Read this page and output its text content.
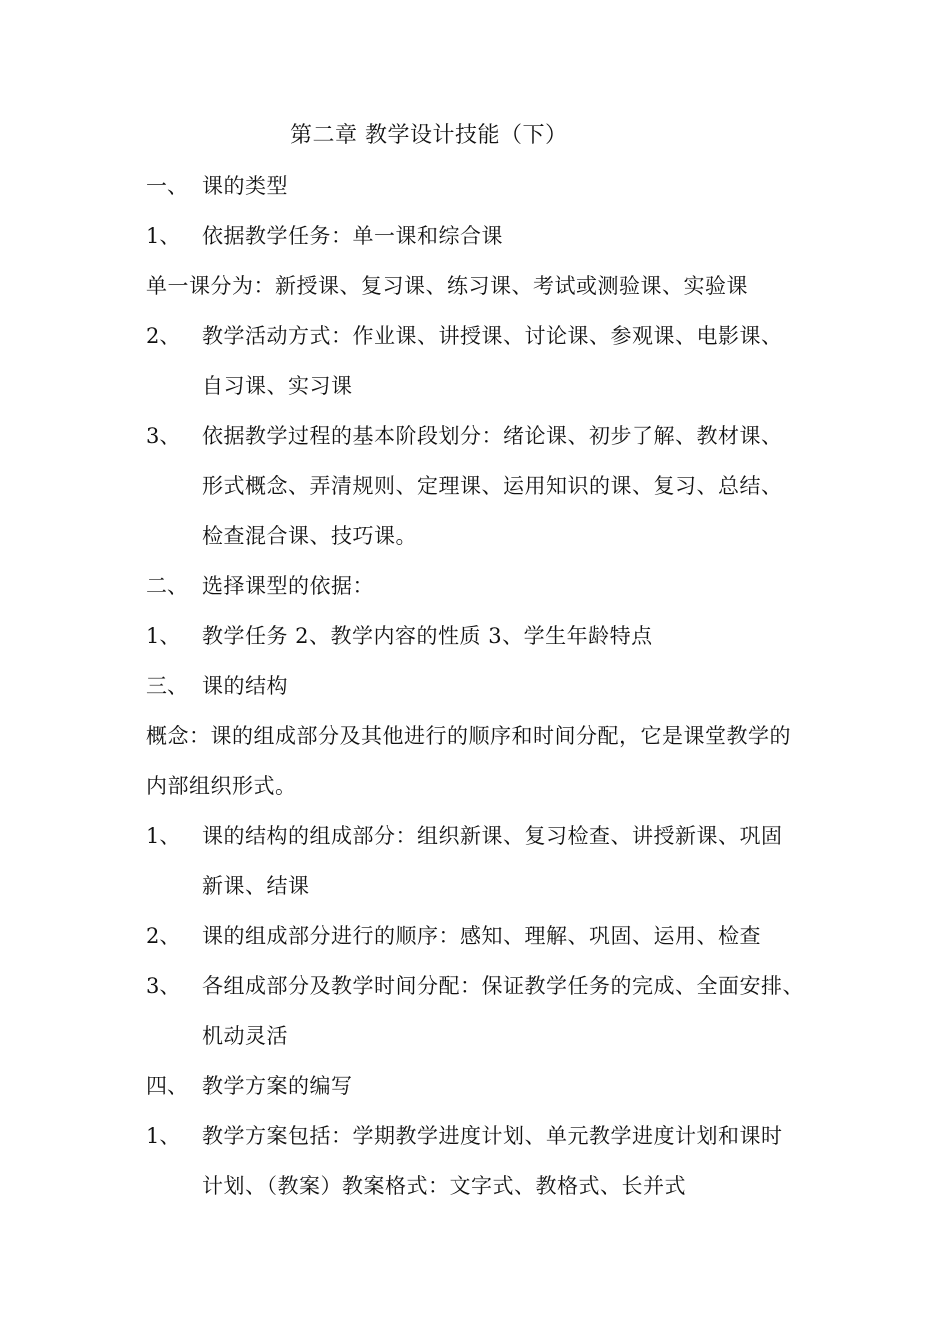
第二章 教学设计技能（下）
一、 课的类型
1、 依据教学任务：单一课和综合课
单一课分为：新授课、复习课、练习课、考试或测验课、实验课
2、 教学活动方式：作业课、讲授课、讨论课、参观课、电影课、
自习课、实习课
3、 依据教学过程的基本阶段划分：绪论课、初步了解、教材课、
形式概念、弄清规则、定理课、运用知识的课、复习、总结、
检查混合课、技巧课。
二、 选择课型的依据：
1、 教学任务 2、教学内容的性质 3、学生年龄特点
三、 课的结构
概念：课的组成部分及其他进行的顺序和时间分配，它是课堂教学的
内部组织形式。
1、 课的结构的组成部分：组织新课、复习检查、讲授新课、巩固
新课、结课
2、 课的组成部分进行的顺序：感知、理解、巩固、运用、检查
3、 各组成部分及教学时间分配：保证教学任务的完成、全面安排、
机动灵活
四、 教学方案的编写
1、 教学方案包括：学期教学进度计划、单元教学进度计划和课时
计划、（教案）教案格式：文字式、教格式、长并式
